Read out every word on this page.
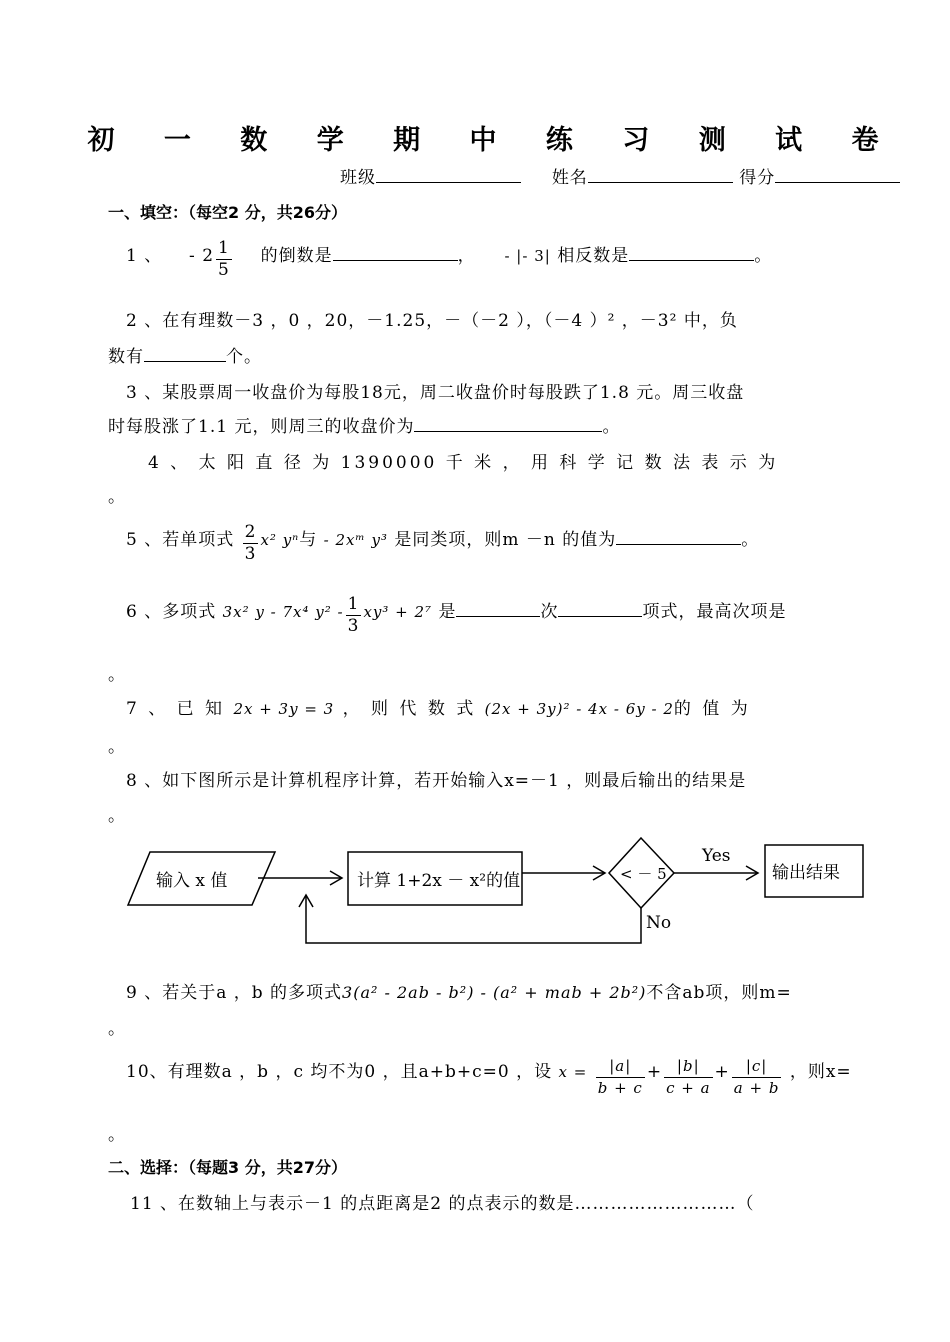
初 一 数 学 期 中 练 习 测 试 卷
班级	姓名	得分
一、填空：（每空2 分，共26分）
1 、 - $2 \frac{1}{5}$ 的倒数是	， - |- 3| 相反数是	。
2 、在有理数－3 ，0 ，20，－1.25，－（－2 ），（－4 ）² ，－3² 中，负
数有	个。
3 、某股票周一收盘价为每股18元，周二收盘价时每股跌了1.8 元。周三收盘
时每股涨了1.1 元，则周三的收盘价为	。
4 、 太 阳 直 径 为 1390000 千 米 ， 用 科 学 记 数 法 表 示 为
。
5 、若单项式 $\frac{2}{3} x^2$ yⁿ与 - 2xᵐ y³ 是同类项，则m －n 的值为	。
6 、多项式 3x² y - 7x⁴ $y^2 - \frac{1}{3} xy^3 + 2^7$ 是	次	项式，最高次项是
。
7 、 已 知 2x + 3y = 3 ， 则 代 数 式 (2x + 3y)² - 4x - 6y - 2的 值 为
。
8 、如下图所示是计算机程序计算，若开始输入x=－1 ，则最后输出的结果是
。
输入 x 值	计算 1+2x － x²的值	< － 5
Yes
No
输出结果
9 、若关于a ，b 的多项式3(a² - 2ab - b²) - (a² + mab + 2b²)不含ab项，则m=
。
10、有理数a ，b ，c 均不为0 ，且a+b+c=0 ，设 $x = \frac{|a|}{b + c} + \frac{|b|}{c + a} + \frac{|c|}{a + b}$ ，则x=
。
二、选择：（每题3 分，共27分）
11 、在数轴上与表示－1 的点距离是2 的点表示的数是………………………（
